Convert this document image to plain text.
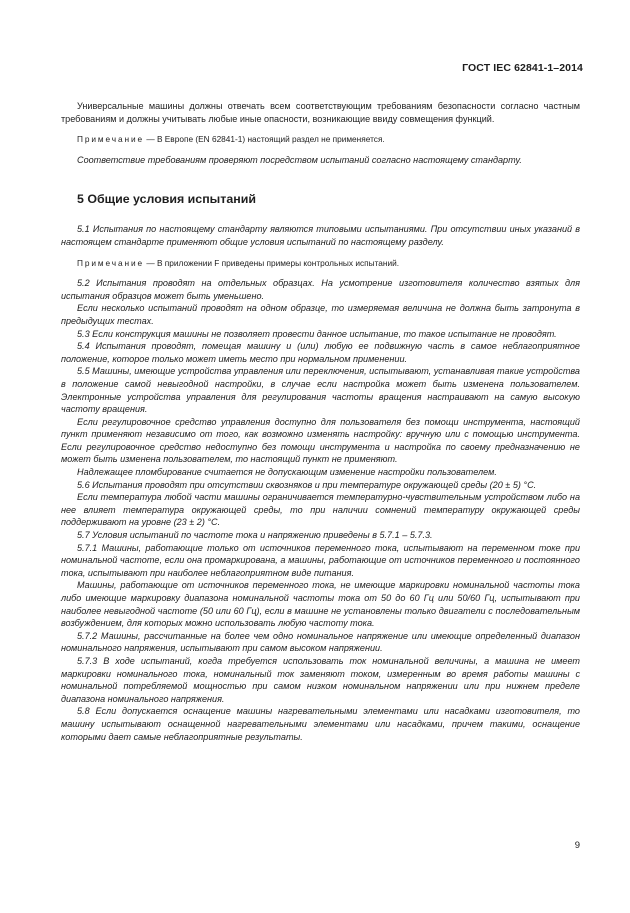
ГОСТ IEC 62841-1–2014

Универсальные машины должны отвечать всем соответствующим требованиям безопасности согласно частным требованиям и должны учитывать любые иные опасности, возникающие ввиду совмещения функций.

Примечание — В Европе (EN 62841-1) настоящий раздел не применяется.

Соответствие требованиям проверяют посредством испытаний согласно настоящему стандарту.

5 Общие условия испытаний

5.1 Испытания по настоящему стандарту являются типовыми испытаниями. При отсутствии иных указаний в настоящем стандарте применяют общие условия испытаний по настоящему разделу.

Примечание — В приложении F приведены примеры контрольных испытаний.

5.2 Испытания проводят на отдельных образцах. На усмотрение изготовителя количество взятых для испытания образцов может быть уменьшено.

Если несколько испытаний проводят на одном образце, то измеряемая величина не должна быть затронута в предыдущих тестах.

5.3 Если конструкция машины не позволяет провести данное испытание, то такое испытание не проводят.

5.4 Испытания проводят, помещая машину и (или) любую ее подвижную часть в самое неблагоприятное положение, которое только может иметь место при нормальном применении.

5.5 Машины, имеющие устройства управления или переключения, испытывают, устанавливая такие устройства в положение самой невыгодной настройки, в случае если настройка может быть изменена пользователем. Электронные устройства управления для регулирования частоты вращения настраивают на самую высокую частоту вращения.

Если регулировочное средство управления доступно для пользователя без помощи инструмента, настоящий пункт применяют независимо от того, как возможно изменять настройку: вручную или с помощью инструмента. Если регулировочное средство недоступно без помощи инструмента и настройка по своему предназначению не может быть изменена пользователем, то настоящий пункт не применяют.

Надлежащее пломбирование считается не допускающим изменение настройки пользователем.

5.6 Испытания проводят при отсутствии сквозняков и при температуре окружающей среды (20 ± 5) °С.

Если температура любой части машины ограничивается температурно-чувствительным устройством либо на нее влияет температура окружающей среды, то при наличии сомнений температуру окружающей среды поддерживают на уровне (23 ± 2) °С.

5.7 Условия испытаний по частоте тока и напряжению приведены в 5.7.1 – 5.7.3.

5.7.1 Машины, работающие только от источников переменного тока, испытывают на переменном токе при номинальной частоте, если она промаркирована, а машины, работающие от источников переменного и постоянного тока, испытывают при наиболее неблагоприятном виде питания.

Машины, работающие от источников переменного тока, не имеющие маркировки номинальной частоты тока либо имеющие маркировку диапазона номинальной частоты тока от 50 до 60 Гц или 50/60 Гц, испытывают при наиболее невыгодной частоте (50 или 60 Гц), если в машине не установлены только двигатели с последовательным возбуждением, для которых можно использовать любую частоту тока.

5.7.2 Машины, рассчитанные на более чем одно номинальное напряжение или имеющие определенный диапазон номинального напряжения, испытывают при самом высоком напряжении.

5.7.3 В ходе испытаний, когда требуется использовать ток номинальной величины, а машина не имеет маркировки номинального тока, номинальный ток заменяют током, измеренным во время работы машины с номинальной потребляемой мощностью при самом низком номинальном напряжении или при нижнем пределе диапазона номинального напряжения.

5.8 Если допускается оснащение машины нагревательными элементами или насадками изготовителя, то машину испытывают оснащенной нагревательными элементами или насадками, причем такими, оснащение которыми дает самые неблагоприятные результаты.

9
